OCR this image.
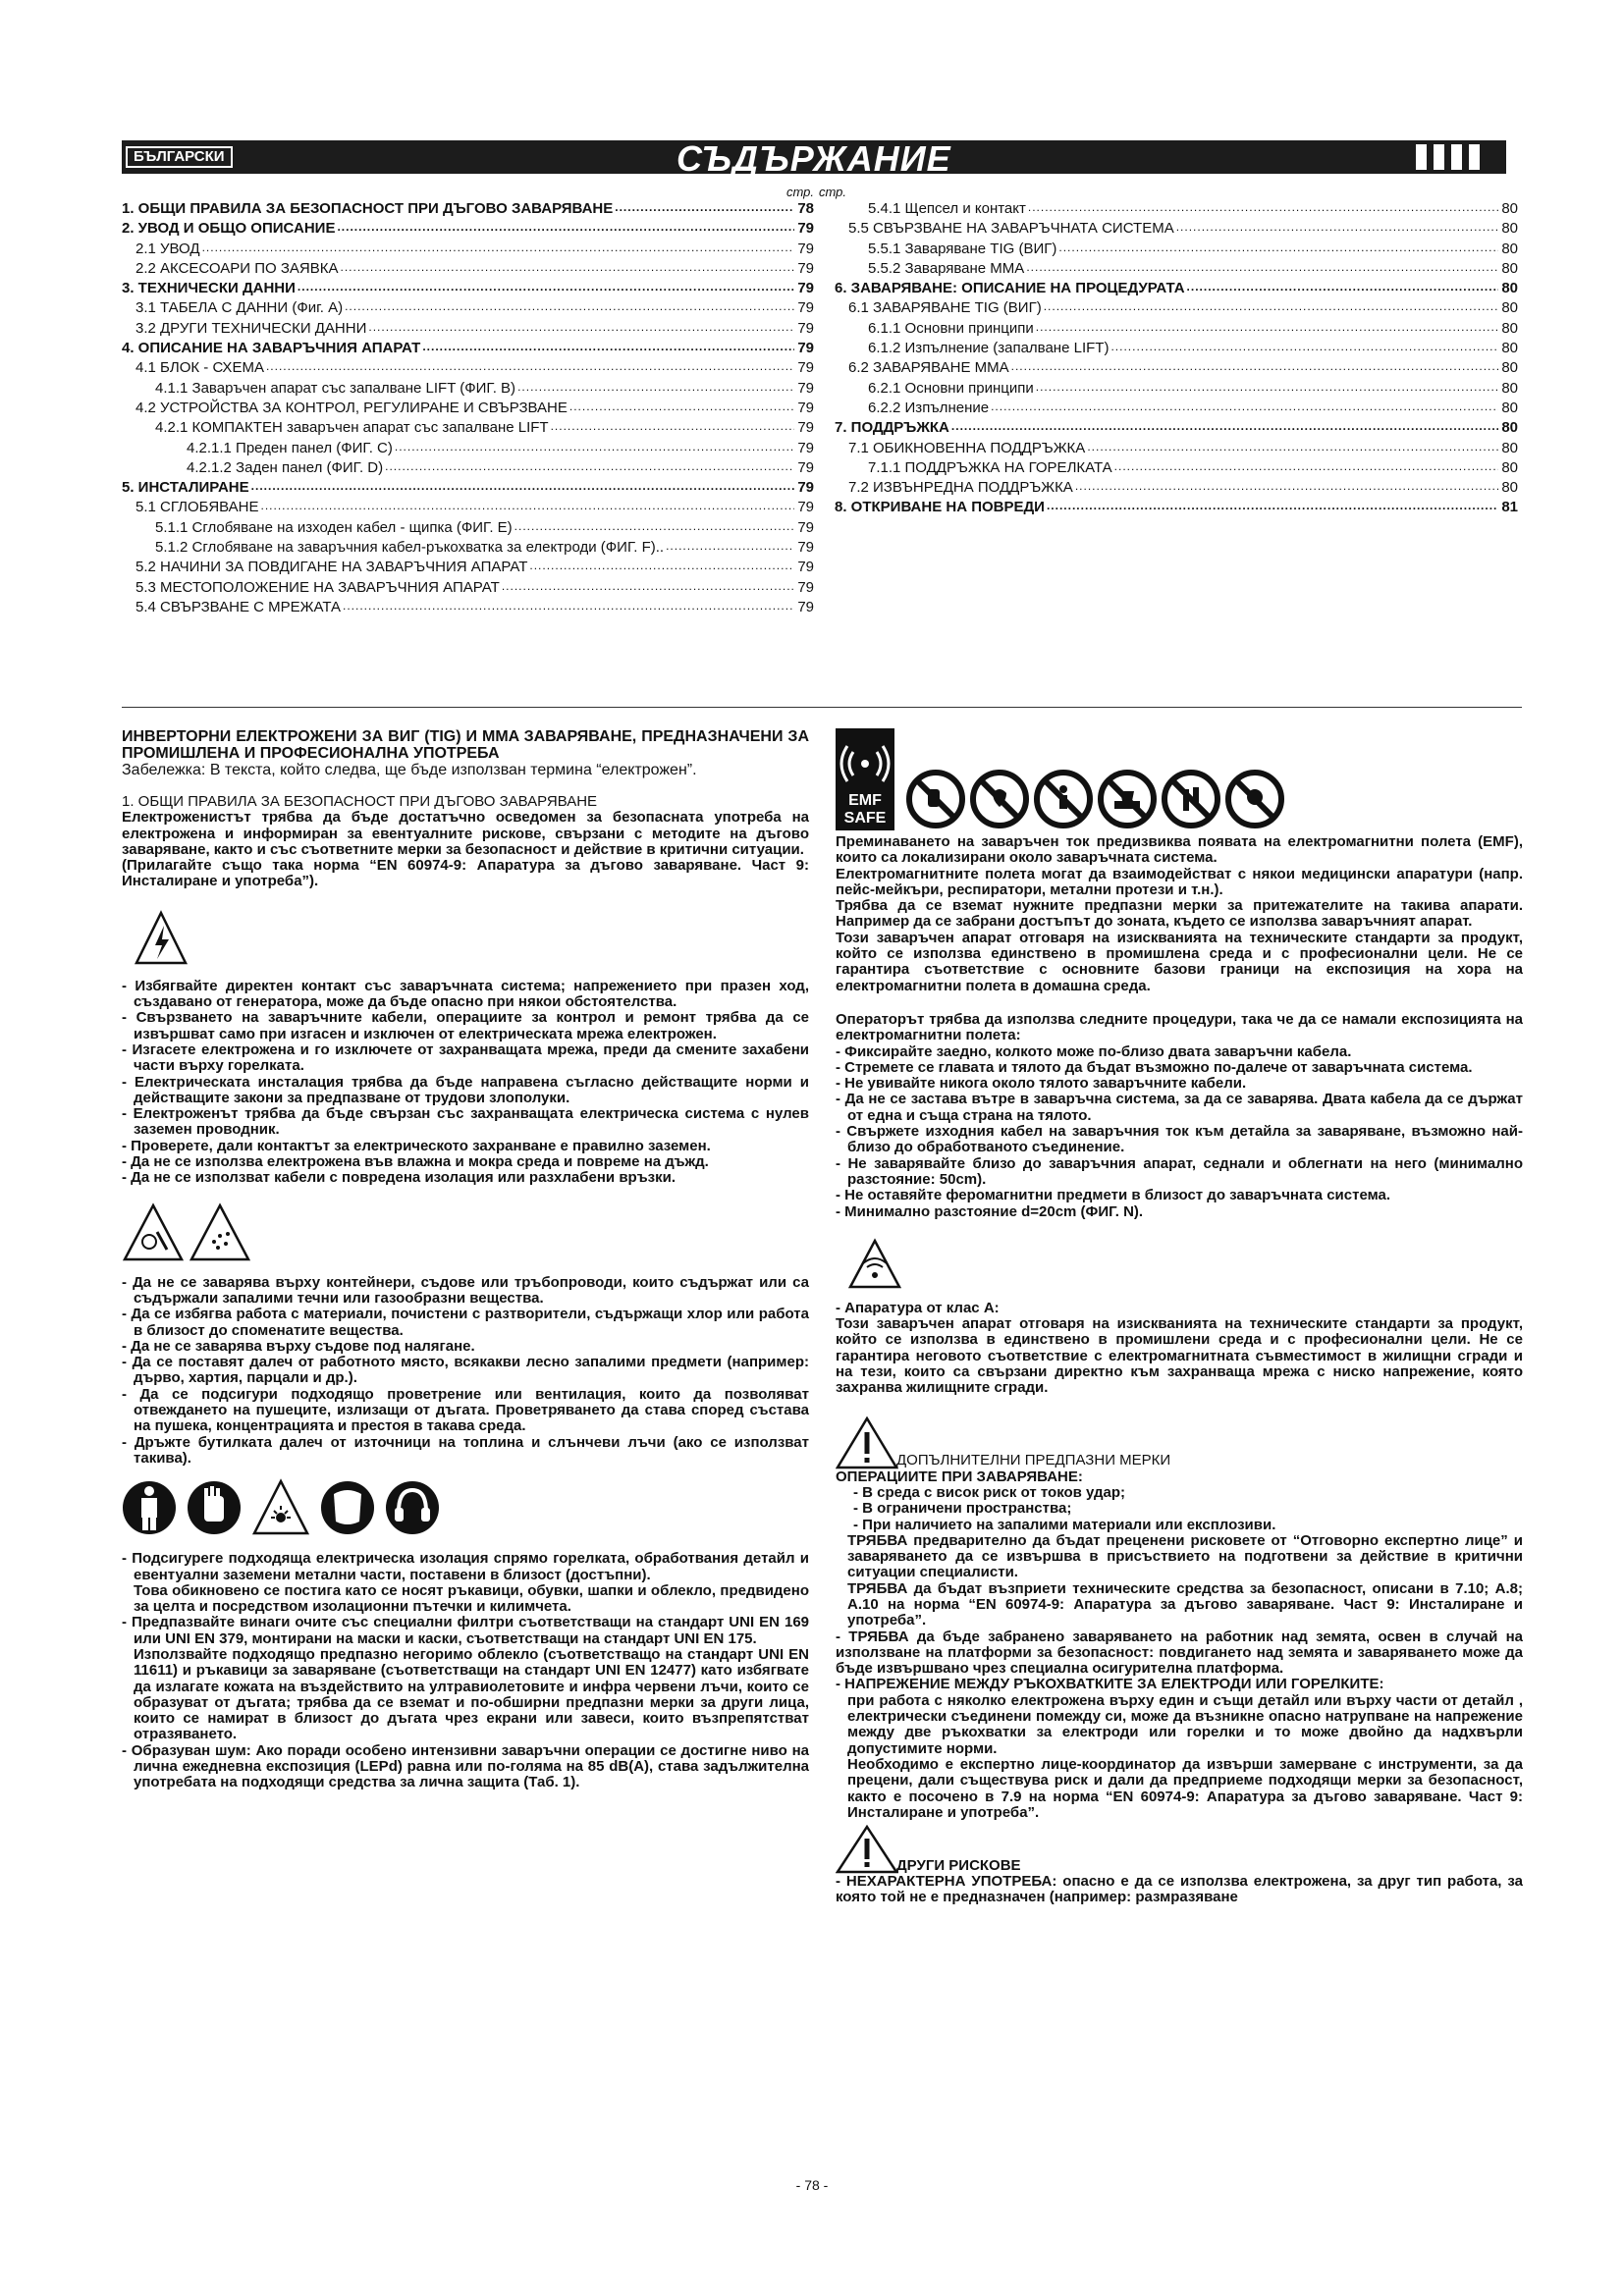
БЪЛГАРСКИ	СЪДЪРЖАНИЕ
стр.
1. ОБЩИ ПРАВИЛА ЗА БЕЗОПАСНОСТ ПРИ ДЪГОВО ЗАВАРЯВАНЕ .....	78
2. УВОД И ОБЩО ОПИСАНИЕ .....	79
2.1 УВОД .....	79
2.2 АКСЕСОАРИ ПО ЗАЯВКА .....	79
3. ТЕХНИЧЕСКИ ДАННИ .....	79
3.1 ТАБЕЛА С ДАННИ (Фиг. А) .....	79
3.2 ДРУГИ ТЕХНИЧЕСКИ ДАННИ .....	79
4. ОПИСАНИЕ НА ЗАВАРЪЧНИЯ АПАРАТ .....	79
4.1 БЛОК - СХЕМА .....	79
4.1.1 Заваръчен апарат със запалване LIFT (ФИГ. B) .....	79
4.2 УСТРОЙСТВА ЗА КОНТРОЛ, РЕГУЛИРАНЕ И СВЪРЗВАНЕ .....	79
4.2.1 КОМПАКТЕН заваръчен апарат със запалване LIFT .....	79
4.2.1.1 Преден панел (ФИГ. C) .....	79
4.2.1.2 Заден панел (ФИГ. D) .....	79
5. ИНСТАЛИРАНЕ .....	79
5.1 СГЛОБЯВАНЕ .....	79
5.1.1 Сглобяване на изходен кабел - щипка (ФИГ. E) .....	79
5.1.2 Сглобяване на заваръчния кабел-ръкохватка за електроди (ФИГ. F).. .....	79
5.2 НАЧИНИ ЗА ПОВДИГАНЕ НА ЗАВАРЪЧНИЯ АПАРАТ .....	79
5.3 МЕСТОПОЛОЖЕНИЕ НА ЗАВАРЪЧНИЯ АПАРАТ .....	79
5.4 СВЪРЗВАНЕ С МРЕЖАТА .....	79
стр.
5.4.1 Щепсел и контакт .....	80
5.5 СВЪРЗВАНЕ НА ЗАВАРЪЧНАТА СИСТЕМА .....	80
5.5.1 Заваряване TIG (ВИГ) .....	80
5.5.2 Заваряване MMA .....	80
6. ЗАВАРЯВАНЕ: ОПИСАНИЕ НА ПРОЦЕДУРАТА .....	80
6.1 ЗАВАРЯВАНЕ TIG (ВИГ) .....	80
6.1.1 Основни принципи .....	80
6.1.2 Изпълнение (запалване LIFT) .....	80
6.2 ЗАВАРЯВАНЕ MMA .....	80
6.2.1 Основни принципи .....	80
6.2.2 Изпълнение .....	80
7. ПОДДРЪЖКА .....	80
7.1 ОБИКНОВЕННА ПОДДРЪЖКА .....	80
7.1.1 ПОДДРЪЖКА НА ГОРЕЛКАТА .....	80
7.2 ИЗВЪНРЕДНА ПОДДРЪЖКА .....	80
8. ОТКРИВАНЕ НА ПОВРЕДИ .....	81

ИНВЕРТОРНИ ЕЛЕКТРОЖЕНИ ЗА ВИГ (TIG) И MMA ЗАВАРЯВАНЕ, ПРЕДНАЗНАЧЕНИ ЗА ПРОМИШЛЕНА И ПРОФЕСИОНАЛНА УПОТРЕБА

Забележка: В текста, който следва, ще бъде използван термина “електрожен”.

1. ОБЩИ ПРАВИЛА ЗА БЕЗОПАСНОСТ ПРИ ДЪГОВО ЗАВАРЯВАНЕ

Електроженистът трябва да бъде достатъчно осведомен за безопасната употреба на електрожена и информиран за евентуалните рискове, свързани с методите на дъгово заваряване, както и със съответните мерки за безопасност и действие в критични ситуации.

(Прилагайте също така норма “EN 60974-9: Апаратура за дъгово заваряване. Част 9: Инсталиране и употреба”).

- Избягвайте директен контакт със заваръчната система; напрежението при празен ход, създавано от генератора, може да бъде опасно при някои обстоятелства.

- Свързването на заваръчните кабели, операциите за контрол и ремонт трябва да се извършват само при изгасен и изключен от електрическата мрежа електрожен.

- Изгасете електрожена и го изключете от захранващата мрежа, преди да смените захабени части върху горелката.

- Електрическата инсталация трябва да бъде направена съгласно действащите норми и действащите закони за предпазване от трудови злополуки.

- Електроженът трябва да бъде свързан със захранващата електрическа система с нулев заземен проводник.

- Проверете, дали контактът за електрическото захранване е правилно заземен.

- Да не се използва електрожена във влажна и мокра среда и повреме на дъжд.

- Да не се използват кабели с повредена изолация или разхлабени връзки.

- Да не се заварява върху контейнери, съдове или тръбопроводи, които съдържат или са съдържали запалими течни или газообразни вещества.

- Да се избягва работа с материали, почистени с разтворители, съдържащи хлор или работа в близост до споменатите вещества.

- Да не се заварява върху съдове под налягане.

- Да се поставят далеч от работното място, всякакви лесно запалими предмети (например: дърво, хартия, парцали и др.).

- Да се подсигури подходящо проветрение или вентилация, които да позволяват отвеждането на пушеците, излизащи от дъгата. Проветряването да става според състава на пушека, концентрацията и престоя в такава среда.

- Дръжте бутилката далеч от източници на топлина и слънчеви лъчи (ако се използват такива).

- Подсигуреге подходяща електрическа изолация спрямо горелката, обработвания детайл и евентуални заземени метални части, поставени в близост (достъпни).

Това обикновено се постига като се носят ръкавици, обувки, шапки и облекло, предвидено за целта и посредством изолационни пътечки и килимчета.

- Предпазвайте винаги очите със специални филтри съответстващи на стандарт UNI EN 169 или UNI EN 379, монтирани на маски и каски, съответстващи на стандарт UNI EN 175.

Използвайте подходящо предпазно негоримо облекло (съответстващо на стандарт UNI EN 11611) и ръкавици за заваряване (съответстващи на стандарт UNI EN 12477) като избягвате да излагате кожата на въздействито на ултравиолетовите и инфра червени лъчи, които се образуват от дъгата; трябва да се вземат и по-обширни предпазни мерки за други лица, които се намират в близост до дъгата чрез екрани или завеси, които възпрепятстват отразяването.

- Образуван шум: Ако поради особено интензивни заваръчни операции се достигне ниво на лична ежедневна експозиция (LEPd) равна или по-голяма на 85 dB(A), става задължителна употребата на подходящи средства за лична защита (Таб. 1).

EMF
SAFE

Преминаването на заваръчен ток предизвиква появата на електромагнитни полета (EMF), които са локализирани около заваръчната система.

Електромагнитните полета могат да взаимодействат с някои медицински апаратури (напр. пейс-мейкъри, респиратори, метални протези и т.н.).

Трябва да се вземат нужните предпазни мерки за притежателите на такива апарати. Например да се забрани достъпът до зоната, където се използва заваръчният апарат.

Този заваръчен апарат отговаря на изискванията на техническите стандарти за продукт, който се използва единствено в промишлена среда и с професионални цели. Не се гарантира съответствие с основните базови граници на експозиция на хора на електромагнитни полета в домашна среда.

Операторът трябва да използва следните процедури, така че да се намали експозицията на електромагнитни полета:

- Фиксирайте заедно, колкото може по-близо двата заваръчни кабела.

- Стремете се главата и тялото да бъдат възможно по-далече от заваръчната система.

- Не увивайте никога около тялото заваръчните кабели.

- Да не се застава вътре в заваръчна система, за да се заварява. Двата кабела да се държат от една и съща страна на тялото.

- Свържете изходния кабел на заваръчния ток към детайла за заваряване, възможно най-близо до обработваното съединение.

- Не заварявайте близо до заваръчния апарат, седнали и облегнати на него (минимално разстояние: 50cm).

- Не оставяйте феромагнитни предмети в близост до заваръчната система.

- Минимално разстояние d=20cm (ФИГ. N).

- Апаратура от клас А:

Този заваръчен апарат отговаря на изискванията на техническите стандарти за продукт, който се използва в единствено в промишлени среда и с професионални цели. Не се гарантира неговото съответствие с електромагнитната съвместимост в жилищни сгради и на тези, които са свързани директно към захранваща мрежа с ниско напрежение, която захранва жилищните сгради.

ДОПЪЛНИТЕЛНИ ПРЕДПАЗНИ МЕРКИ

ОПЕРАЦИИТЕ ПРИ ЗАВАРЯВАНЕ:

- В среда с висок риск от токов удар;

- В ограничени пространства;

- При наличието на запалими материали или експлозиви.

ТРЯБВА предварително да бъдат преценени рисковете от “Отговорно експертно лице” и заваряването да се извършва в присъствието на подготвени за действие в критични ситуации специалисти.

ТРЯБВА да бъдат възприети техническите средства за безопасност, описани в 7.10; A.8; A.10 на норма “EN 60974-9: Апаратура за дъгово заваряване. Част 9: Инсталиране и употреба”.

- ТРЯБВА да бъде забранено заваряването на работник над земята, освен в случай на използване на платформи за безопасност: повдигането над земята и заваряването може да бъде извършвано чрез специална осигурителна платформа.

- НАПРЕЖЕНИЕ МЕЖДУ РЪКОХВАТКИТЕ ЗА ЕЛЕКТРОДИ ИЛИ ГОРЕЛКИТЕ:

при работа с няколко електрожена върху един и същи детайл или върху части от детайл , електрически съединени помежду си, може да възникне опасно натрупване на напрежение между две ръкохватки за електроди или горелки и то може двойно да надхвърли допустимите норми.

Необходимо е експертно лице-координатор да извърши замерване с инструменти, за да прецени, дали съществува риск и дали да предприеме подходящи мерки за безопасност, както е посочено в 7.9 на норма “EN 60974-9: Апаратура за дъгово заваряване. Част 9: Инсталиране и употреба”.

ДРУГИ РИСКОВЕ

- НЕХАРАКТЕРНА УПОТРЕБА: опасно е да се използва електрожена, за друг тип работа, за която той не е предназначен (например: размразяване

- 78 -
